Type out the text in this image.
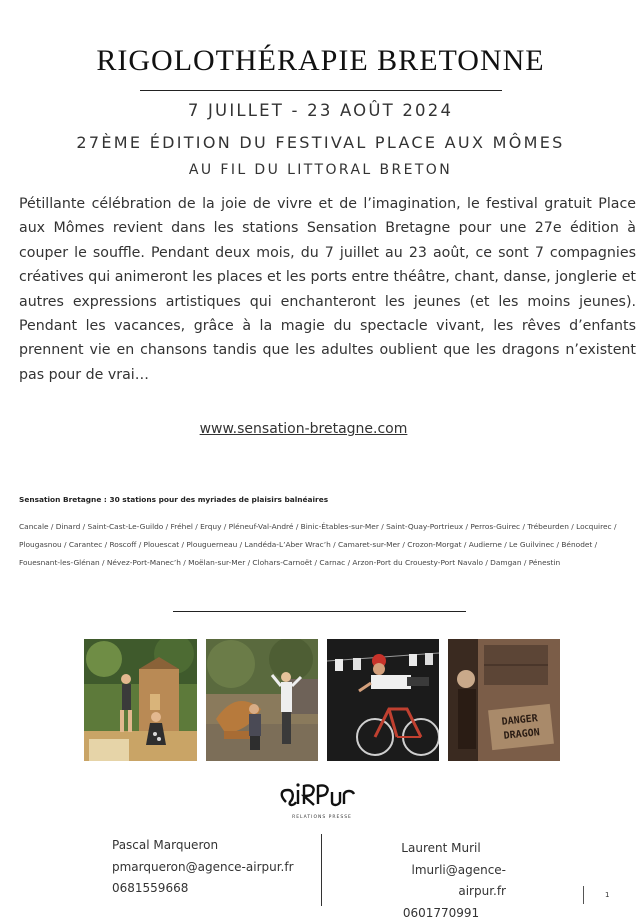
RIGOLOTHÉRAPIE BRETONNE
7 JUILLET - 23 AOÛT 2024
27ÈME ÉDITION DU FESTIVAL PLACE AUX MÔMES
AU FIL DU LITTORAL BRETON

Pétillante célébration de la joie de vivre et de l’imagination, le festival gratuit Place aux Mômes revient dans les stations Sensation Bretagne pour une 27e édition à couper le souffle. Pendant deux mois, du 7 juillet au 23 août, ce sont 7 compagnies créatives qui animeront les places et les ports entre théâtre, chant, danse, jonglerie et autres expressions artistiques qui enchanteront les jeunes (et les moins jeunes). Pendant les vacances, grâce à la magie du spectacle vivant, les rêves d’enfants prennent vie en chansons tandis que les adultes oublient que les dragons n’existent pas pour de vrai…

www.sensation-bretagne.com
Sensation Bretagne : 30 stations pour des myriades de plaisirs balnéaires

Cancale / Dinard / Saint-Cast-Le-Guildo / Fréhel / Erquy / Pléneuf-Val-André / Binic-Étables-sur-Mer / Saint-Quay-Portrieux / Perros-Guirec / Trébeurden / Locquirec / Plougasnou / Carantec / Roscoff / Plouescat / Plouguerneau / Landéda-L’Aber Wrac’h / Camaret-sur-Mer / Crozon-Morgat / Audierne / Le Guilvinec / Bénodet / Fouesnant-les-Glénan / Névez-Port-Manec’h / Moëlan-sur-Mer / Clohars-Carnoët / Carnac / Arzon-Port du Crouesty-Port Navalo / Damgan / Pénestin

DANGER
DRAGON
RELATIONS PRESSE
Pascal Marqueron
pmarqueron@agence-airpur.fr
0681559668
Laurent Muril
lmurli@agence-airpur.fr
0601770991
1
